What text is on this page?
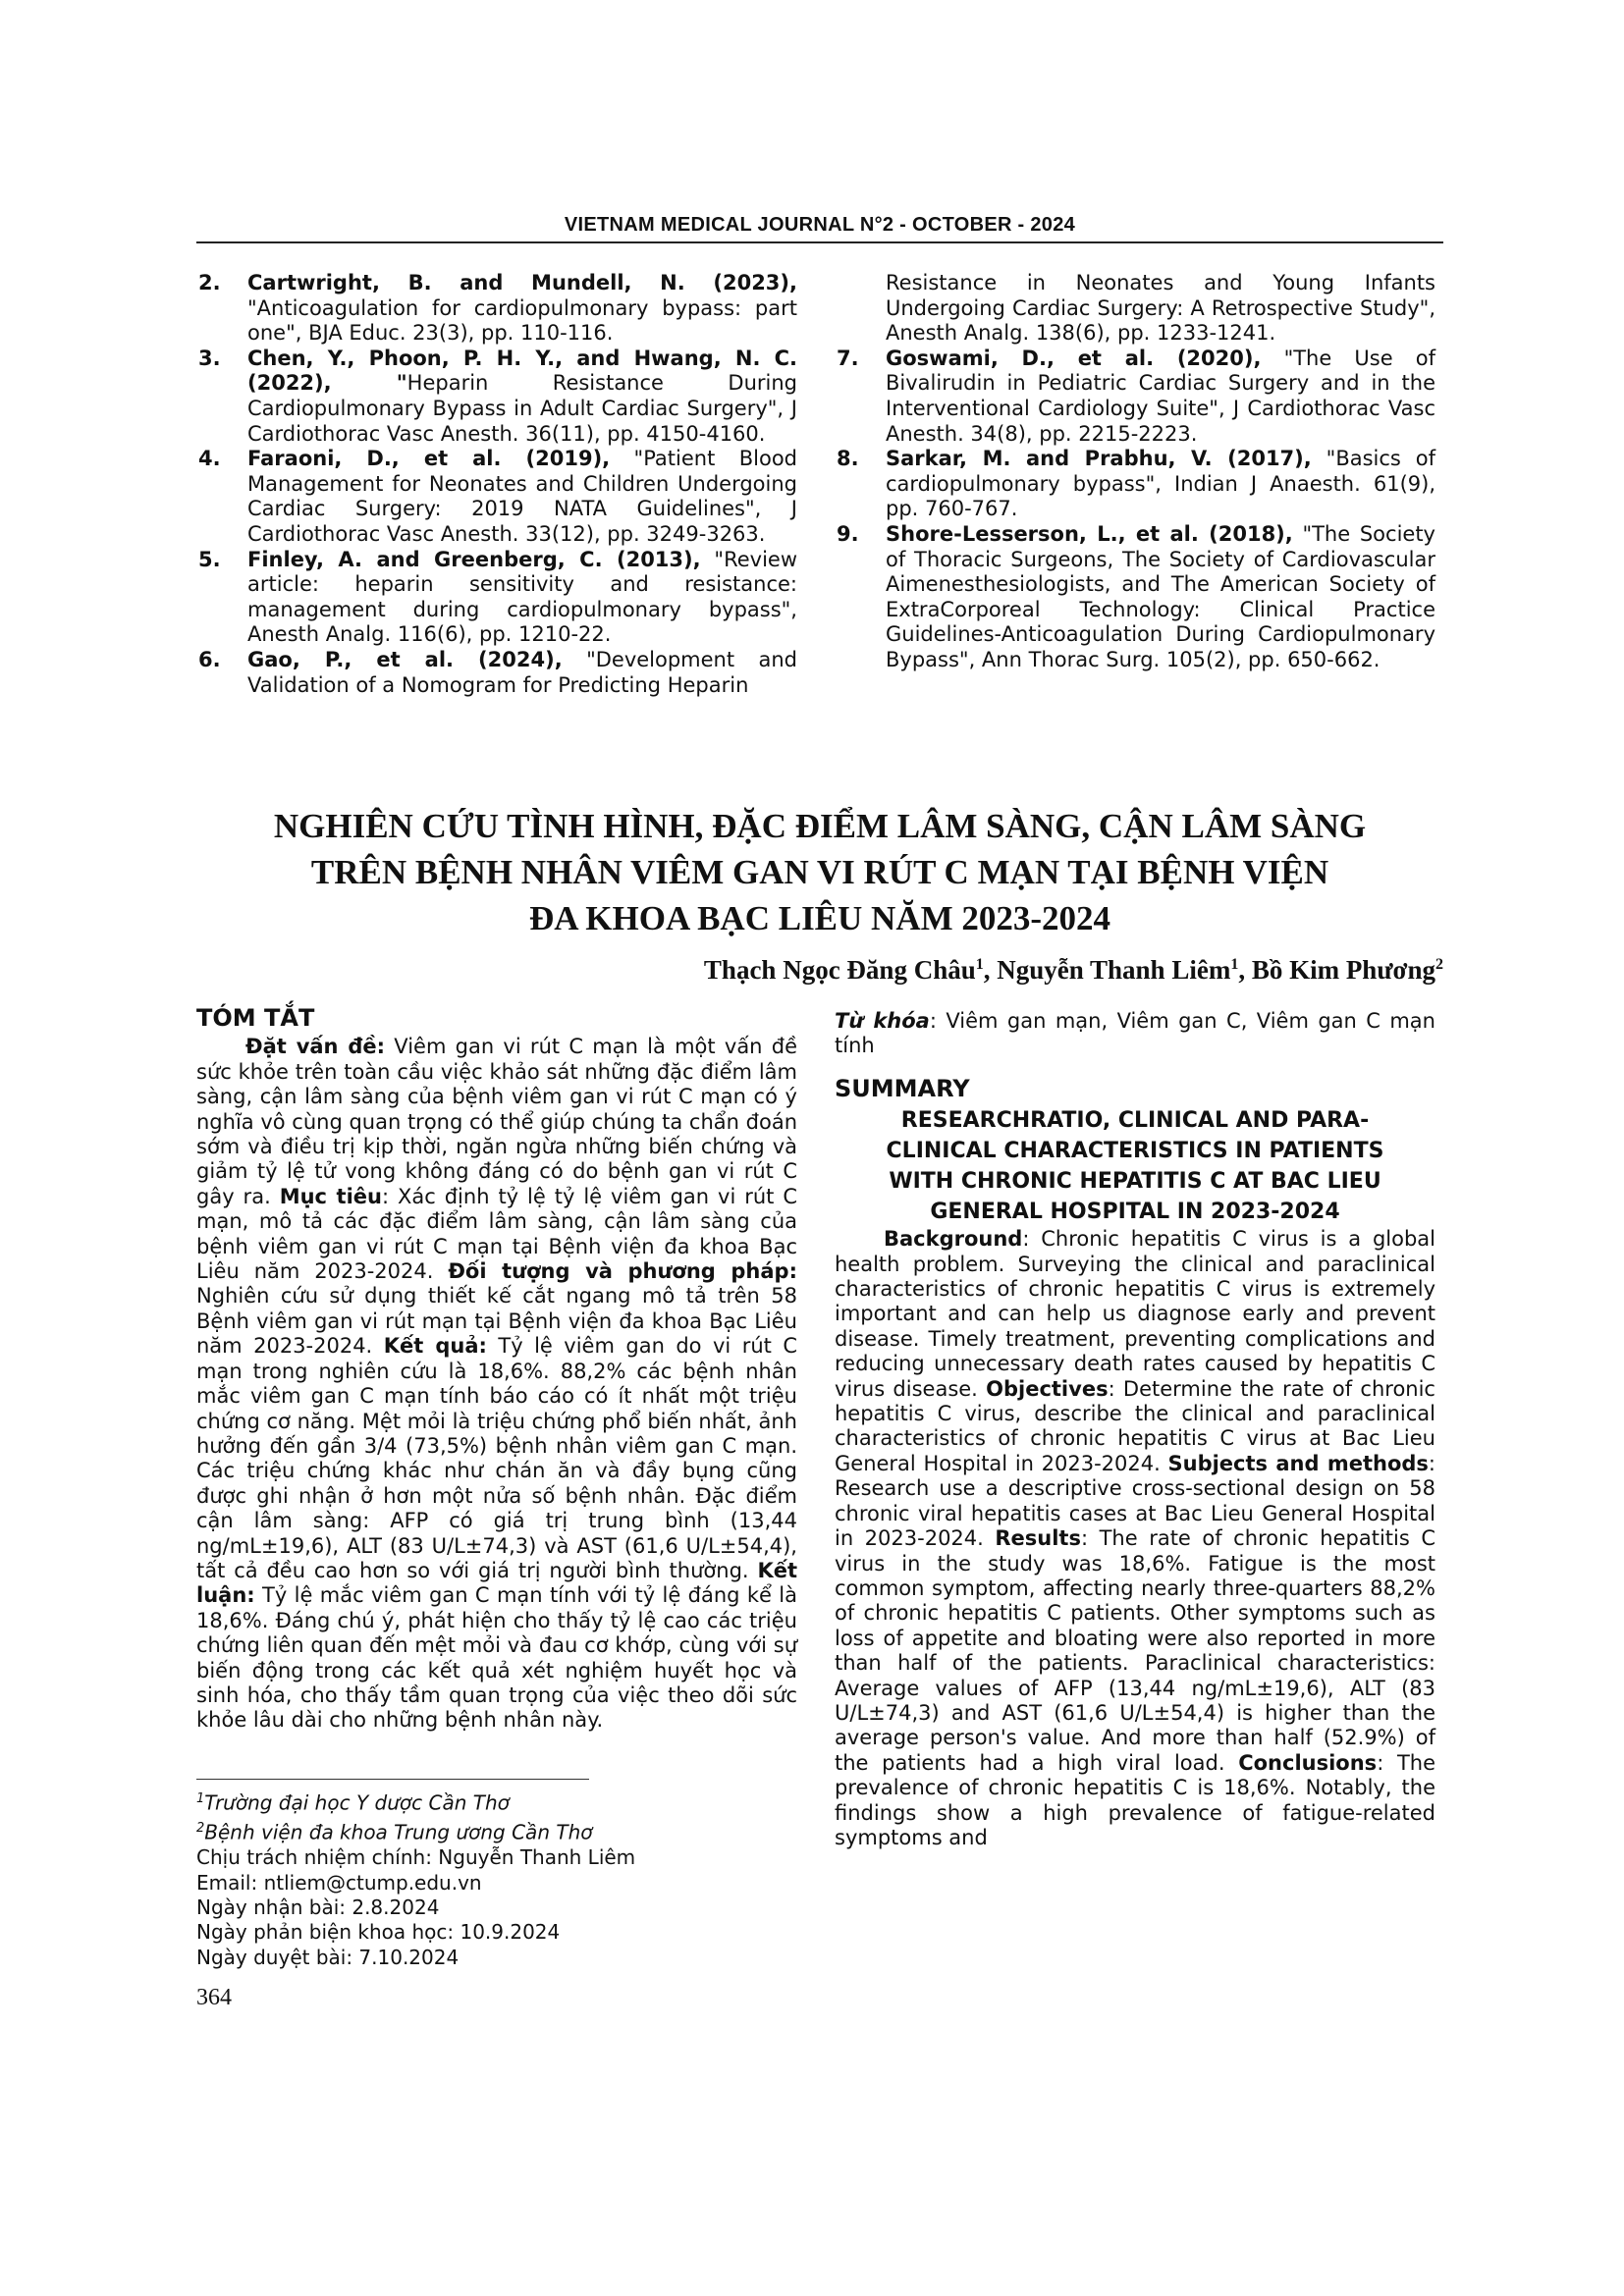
VIETNAM MEDICAL JOURNAL N°2 - OCTOBER - 2024
2. Cartwright, B. and Mundell, N. (2023), "Anticoagulation for cardiopulmonary bypass: part one", BJA Educ. 23(3), pp. 110-116.
3. Chen, Y., Phoon, P. H. Y., and Hwang, N. C. (2022), "Heparin Resistance During Cardiopulmonary Bypass in Adult Cardiac Surgery", J Cardiothorac Vasc Anesth. 36(11), pp. 4150-4160.
4. Faraoni, D., et al. (2019), "Patient Blood Management for Neonates and Children Undergoing Cardiac Surgery: 2019 NATA Guidelines", J Cardiothorac Vasc Anesth. 33(12), pp. 3249-3263.
5. Finley, A. and Greenberg, C. (2013), "Review article: heparin sensitivity and resistance: management during cardiopulmonary bypass", Anesth Analg. 116(6), pp. 1210-22.
6. Gao, P., et al. (2024), "Development and Validation of a Nomogram for Predicting Heparin
Resistance in Neonates and Young Infants Undergoing Cardiac Surgery: A Retrospective Study", Anesth Analg. 138(6), pp. 1233-1241.
7. Goswami, D., et al. (2020), "The Use of Bivalirudin in Pediatric Cardiac Surgery and in the Interventional Cardiology Suite", J Cardiothorac Vasc Anesth. 34(8), pp. 2215-2223.
8. Sarkar, M. and Prabhu, V. (2017), "Basics of cardiopulmonary bypass", Indian J Anaesth. 61(9), pp. 760-767.
9. Shore-Lesserson, L., et al. (2018), "The Society of Thoracic Surgeons, The Society of Cardiovascular Aimenesthesiologists, and The American Society of ExtraCorporeal Technology: Clinical Practice Guidelines-Anticoagulation During Cardiopulmonary Bypass", Ann Thorac Surg. 105(2), pp. 650-662.
NGHIÊN CỨU TÌNH HÌNH, ĐẶC ĐIỂM LÂM SÀNG, CẬN LÂM SÀNG
TRÊN BỆNH NHÂN VIÊM GAN VI RÚT C MẠN TẠI BỆNH VIỆN
ĐA KHOA BẠC LIÊU NĂM 2023-2024
Thạch Ngọc Đăng Châu$^1$, Nguyễn Thanh Liêm$^1$, Bồ Kim Phương$^2$
TÓM TẮT

Đặt vấn đề: Viêm gan vi rút C mạn là một vấn đề sức khỏe trên toàn cầu việc khảo sát những đặc điểm lâm sàng, cận lâm sàng của bệnh viêm gan vi rút C mạn có ý nghĩa vô cùng quan trọng có thể giúp chúng ta chẩn đoán sớm và điều trị kịp thời, ngăn ngừa những biến chứng và giảm tỷ lệ tử vong không đáng có do bệnh gan vi rút C gây ra. Mục tiêu: Xác định tỷ lệ tỷ lệ viêm gan vi rút C mạn, mô tả các đặc điểm lâm sàng, cận lâm sàng của bệnh viêm gan vi rút C mạn tại Bệnh viện đa khoa Bạc Liêu năm 2023-2024. Đối tượng và phương pháp: Nghiên cứu sử dụng thiết kế cắt ngang mô tả trên 58 Bệnh viêm gan vi rút mạn tại Bệnh viện đa khoa Bạc Liêu năm 2023-2024. Kết quả: Tỷ lệ viêm gan do vi rút C mạn trong nghiên cứu là 18,6%. 88,2% các bệnh nhân mắc viêm gan C mạn tính báo cáo có ít nhất một triệu chứng cơ năng. Mệt mỏi là triệu chứng phổ biến nhất, ảnh hưởng đến gần 3/4 (73,5%) bệnh nhân viêm gan C mạn. Các triệu chứng khác như chán ăn và đầy bụng cũng được ghi nhận ở hơn một nửa số bệnh nhân. Đặc điểm cận lâm sàng: AFP có giá trị trung bình (13,44 ng/mL±19,6), ALT (83 U/L±74,3) và AST (61,6 U/L±54,4), tất cả đều cao hơn so với giá trị người bình thường. Kết luận: Tỷ lệ mắc viêm gan C mạn tính với tỷ lệ đáng kể là 18,6%. Đáng chú ý, phát hiện cho thấy tỷ lệ cao các triệu chứng liên quan đến mệt mỏi và đau cơ khớp, cùng với sự biến động trong các kết quả xét nghiệm huyết học và sinh hóa, cho thấy tầm quan trọng của việc theo dõi sức khỏe lâu dài cho những bệnh nhân này.

$^1$Trường đại học Y dược Cần Thơ
$^2$Bệnh viện đa khoa Trung ương Cần Thơ
Chịu trách nhiệm chính: Nguyễn Thanh Liêm
Email: ntliem@ctump.edu.vn
Ngày nhận bài: 2.8.2024
Ngày phản biện khoa học: 10.9.2024
Ngày duyệt bài: 7.10.2024

Từ khóa: Viêm gan mạn, Viêm gan C, Viêm gan C mạn tính

SUMMARY
RESEARCHRATIO, CLINICAL AND PARA-
CLINICAL CHARACTERISTICS IN PATIENTS
WITH CHRONIC HEPATITIS C AT BAC LIEU
GENERAL HOSPITAL IN 2023-2024

Background: Chronic hepatitis C virus is a global health problem. Surveying the clinical and paraclinical characteristics of chronic hepatitis C virus is extremely important and can help us diagnose early and prevent disease. Timely treatment, preventing complications and reducing unnecessary death rates caused by hepatitis C virus disease. Objectives: Determine the rate of chronic hepatitis C virus, describe the clinical and paraclinical characteristics of chronic hepatitis C virus at Bac Lieu General Hospital in 2023-2024. Subjects and methods: Research use a descriptive cross-sectional design on 58 chronic viral hepatitis cases at Bac Lieu General Hospital in 2023-2024. Results: The rate of chronic hepatitis C virus in the study was 18,6%. Fatigue is the most common symptom, affecting nearly three-quarters 88,2% of chronic hepatitis C patients. Other symptoms such as loss of appetite and bloating were also reported in more than half of the patients. Paraclinical characteristics: Average values of AFP (13,44 ng/mL±19,6), ALT (83 U/L±74,3) and AST (61,6 U/L±54,4) is higher than the average person's value. And more than half (52.9%) of the patients had a high viral load. Conclusions: The prevalence of chronic hepatitis C is 18,6%. Notably, the findings show a high prevalence of fatigue-related symptoms and

364
